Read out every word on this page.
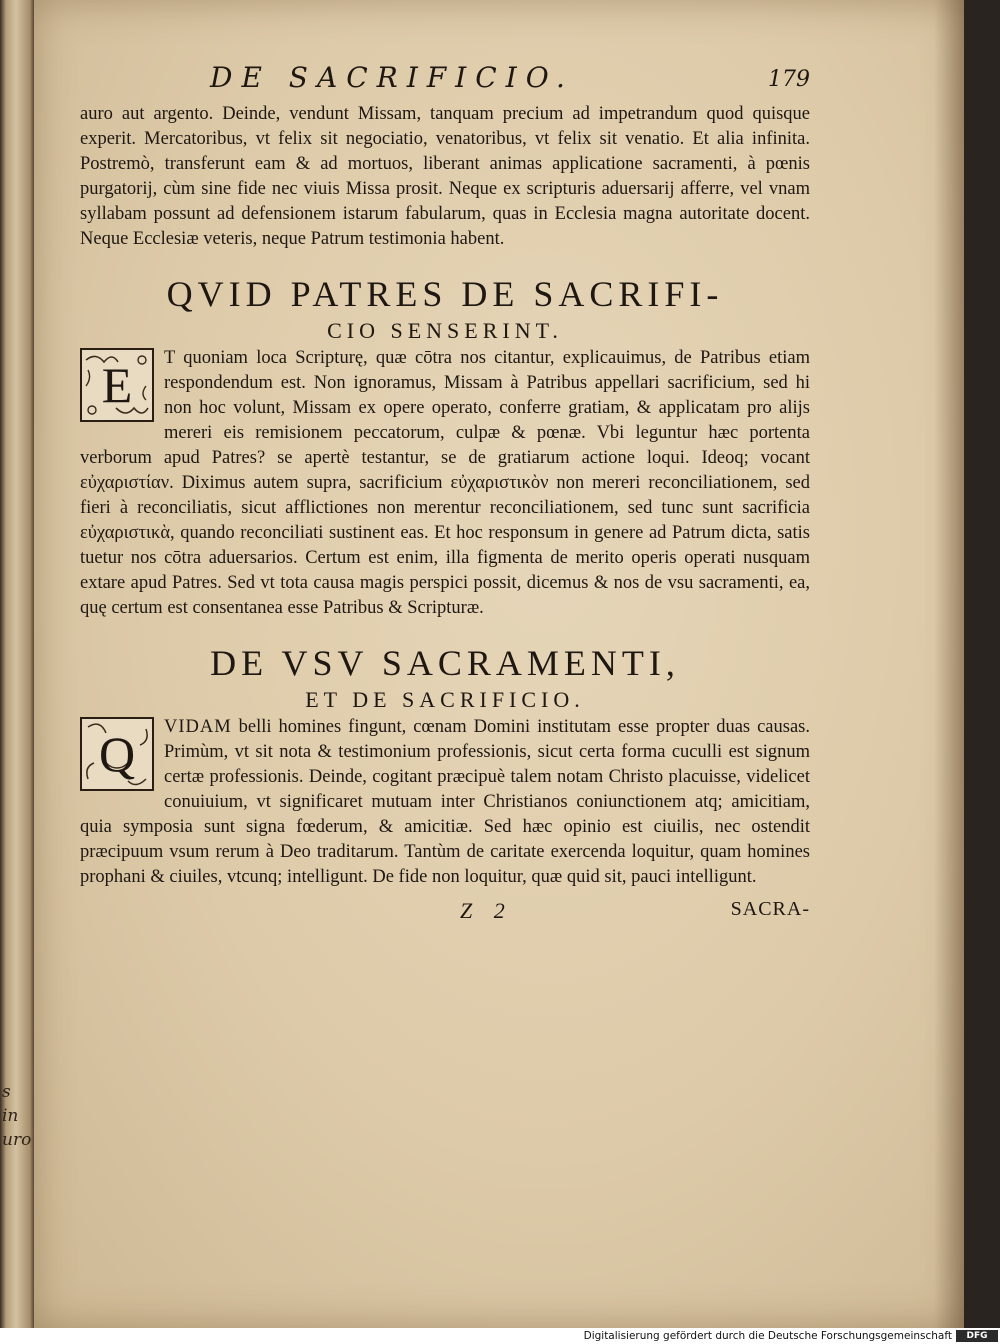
s in uro
DE SACRIFICIO.	179

auro aut argento. Deinde, vendunt Missam, tanquam precium ad impetrandum quod quisque experit. Mercatoribus, vt felix sit negociatio, venatoribus, vt felix sit venatio. Et alia infinita. Postremò, transferunt eam & ad mortuos, liberant animas applicatione sacramenti, à pœnis purgatorij, cùm sine fide nec viuis Missa prosit. Neque ex scripturis aduersarij afferre, vel vnam syllabam possunt ad defensionem istarum fabularum, quas in Ecclesia magna autoritate docent. Neque Ecclesiæ veteris, neque Patrum testimonia habent.

QVID PATRES DE SACRIFI-
CIO SENSERINT.

E	T quoniam loca Scripturę, quæ cōtra nos citantur, explicauimus, de Patribus etiam respondendum est. Non ignoramus, Missam à Patribus appellari sacrificium, sed hi non hoc volunt, Missam ex opere operato, conferre gratiam, & applicatam pro alijs mereri eis remisionem peccatorum, culpæ & pœnæ. Vbi leguntur hæc portenta verborum apud Patres? se apertè testantur, se de gratiarum actione loqui. Ideoq; vocant εὐχαριστίαν. Diximus autem supra, sacrificium εὐχαριστικὸν non mereri reconciliationem, sed fieri à reconciliatis, sicut afflictiones non merentur reconciliationem, sed tunc sunt sacrificia εὐχαριστικὰ, quando reconciliati sustinent eas. Et hoc responsum in genere ad Patrum dicta, satis tuetur nos cōtra aduersarios. Certum est enim, illa figmenta de merito operis operati nusquam extare apud Patres. Sed vt tota causa magis perspici possit, dicemus & nos de vsu sacramenti, ea, quę certum est consentanea esse Patribus & Scripturæ.

DE VSV SACRAMENTI,
ET DE SACRIFICIO.

Q	VIDAM belli homines fingunt, cœnam Domini institutam esse propter duas causas. Primùm, vt sit nota & testimonium professionis, sicut certa forma cuculli est signum certæ professionis. Deinde, cogitant præcipuè talem notam Christo placuisse, videlicet conuiuium, vt significaret mutuam inter Christianos coniunctionem atq; amicitiam, quia symposia sunt signa fœderum, & amicitiæ. Sed hæc opinio est ciuilis, nec ostendit præcipuum vsum rerum à Deo traditarum. Tantùm de caritate exercenda loquitur, quam homines prophani & ciuiles, vtcunq; intelligunt. De fide non loquitur, quæ quid sit, pauci intelligunt.

Z 2	SACRA-
Digitalisierung gefördert durch die Deutsche Forschungsgemeinschaft	DFG
